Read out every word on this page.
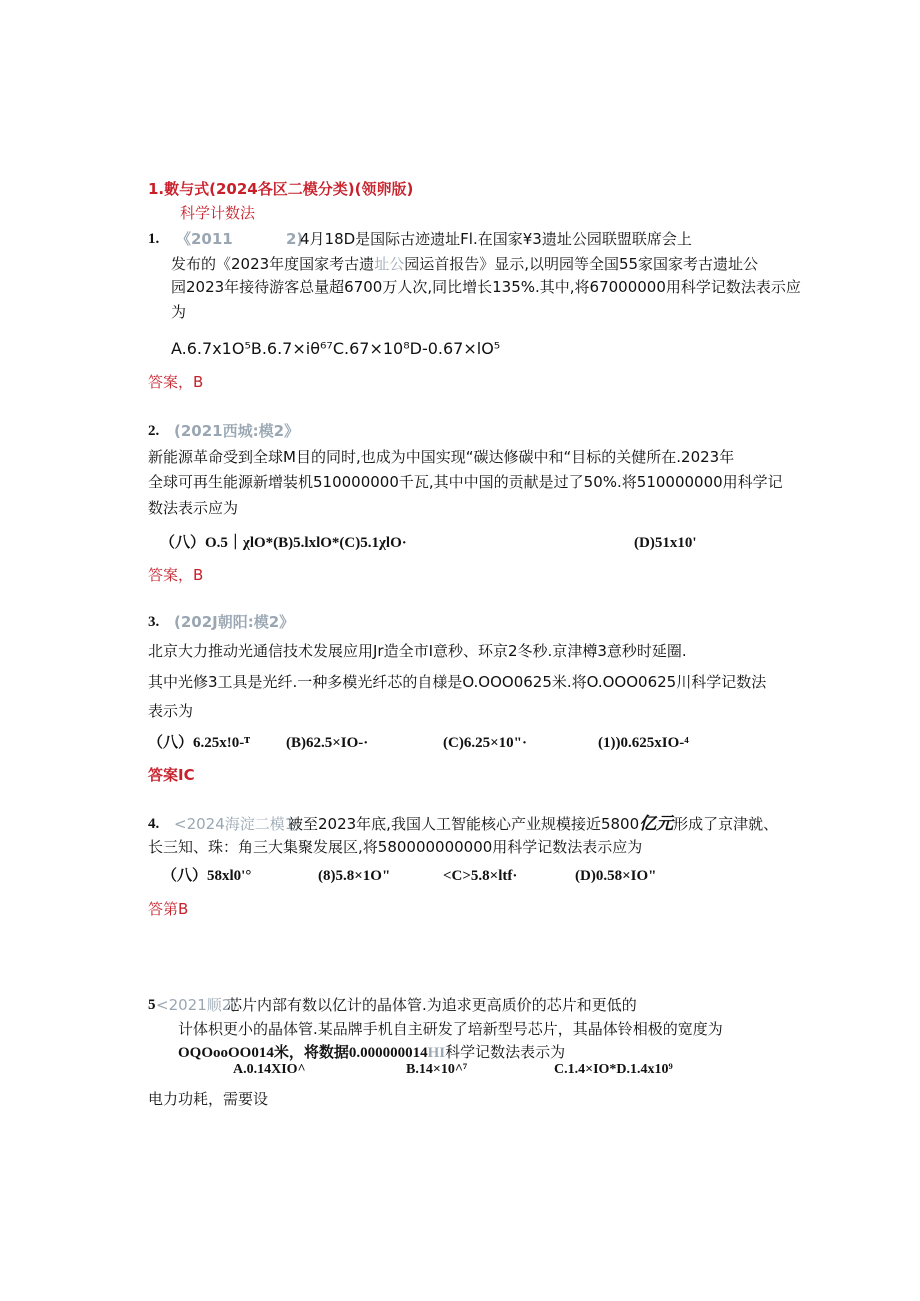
1.數与式(2024各区二模分类)(领卵版)
科学计数法
1. 《2011	2)
4月18D是国际古迹遗址Fl.在国家¥3遗址公园联盟联席会上
发布的《2023年度国家考古遗址公园运首报告》显示,以明园等全国55家国家考古遗址公
园2023年接待游客总量超6700万人次,同比增长135%.其中,将67000000用科学记数法表示应
为
A.6.7x1O⁵B.6.7×iθ⁶⁷C.67×10⁸D-0.67×lO⁵
答案，B
2. (2021西城:模2》
新能源革命受到全球M目的同时,也成为中国实现“碳达修碳中和“目标的关健所在.2023年
全球可再生能源新增装机510000000千瓦,其中中国的贡献是过了50%.将510000000用科学记
数法表示应为
（八）O.5｜χlO*(B)5.lxlO*(C)5.1χlO·	(D)51x10'
答案，B
3. (202J朝阳:模2》
北京大力推动光通信技术发展应用Jr造全市I意秒、环京2冬秒.京津樽3意秒时延圈.
其中光修3工具是光纤.一种多模光纤芯的自様是O.OOO0625米.将O.OOO0625川科学记数法
表示为
（八）6.25x!0-ᵀ (B)62.5×IO-·	(C)6.25×10"·	(1))0.625xIO-⁴
答案IC
4. <2024海淀二模1)
被至2023年底,我国人工智能核心产业规模接近5800亿元形成了京津就、
长三知、珠：角三大集聚发展区,将580000000000用科学记数法表示应为
（八）58xl0'°	(8)5.8×1O"	<C>5.8×ltf·	(D)0.58×IO"
答第B
5 <2021顺2)
芯片内部有数以亿计的晶体管.为追求更高质价的芯片和更低的
计体枳更小的晶体管.某品牌手机自主研发了培新型号芯片，其晶体铃相极的宽度为
OQOooOO014米，将数据0.000000014HI科学记数法表示为
A.0.14XIO^	B.14×10^⁷	C.1.4×IO*D.1.4x10⁹
电力功耗，需要设
